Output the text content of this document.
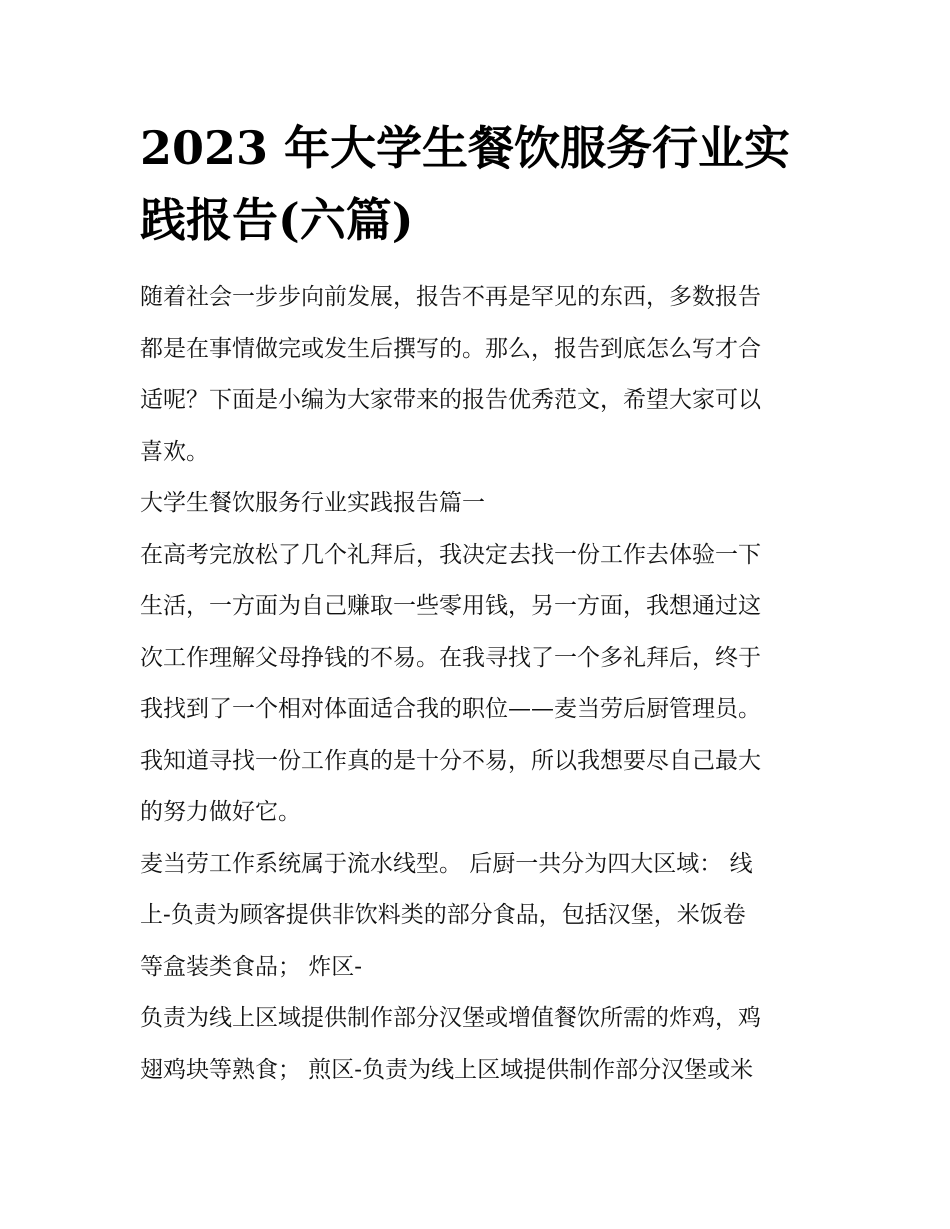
2023 年大学生餐饮服务行业实
践报告(六篇)
随着社会一步步向前发展，报告不再是罕见的东西，多数报告
都是在事情做完或发生后撰写的。那么，报告到底怎么写才合
适呢？下面是小编为大家带来的报告优秀范文，希望大家可以
喜欢。
大学生餐饮服务行业实践报告篇一
在高考完放松了几个礼拜后，我决定去找一份工作去体验一下
生活，一方面为自己赚取一些零用钱，另一方面，我想通过这
次工作理解父母挣钱的不易。在我寻找了一个多礼拜后，终于
我找到了一个相对体面适合我的职位——麦当劳后厨管理员。
我知道寻找一份工作真的是十分不易，所以我想要尽自己最大
的努力做好它。
麦当劳工作系统属于流水线型。 后厨一共分为四大区域： 线
上-负责为顾客提供非饮料类的部分食品，包括汉堡，米饭卷
等盒装类食品； 炸区-
负责为线上区域提供制作部分汉堡或增值餐饮所需的炸鸡，鸡
翅鸡块等熟食； 煎区-负责为线上区域提供制作部分汉堡或米
